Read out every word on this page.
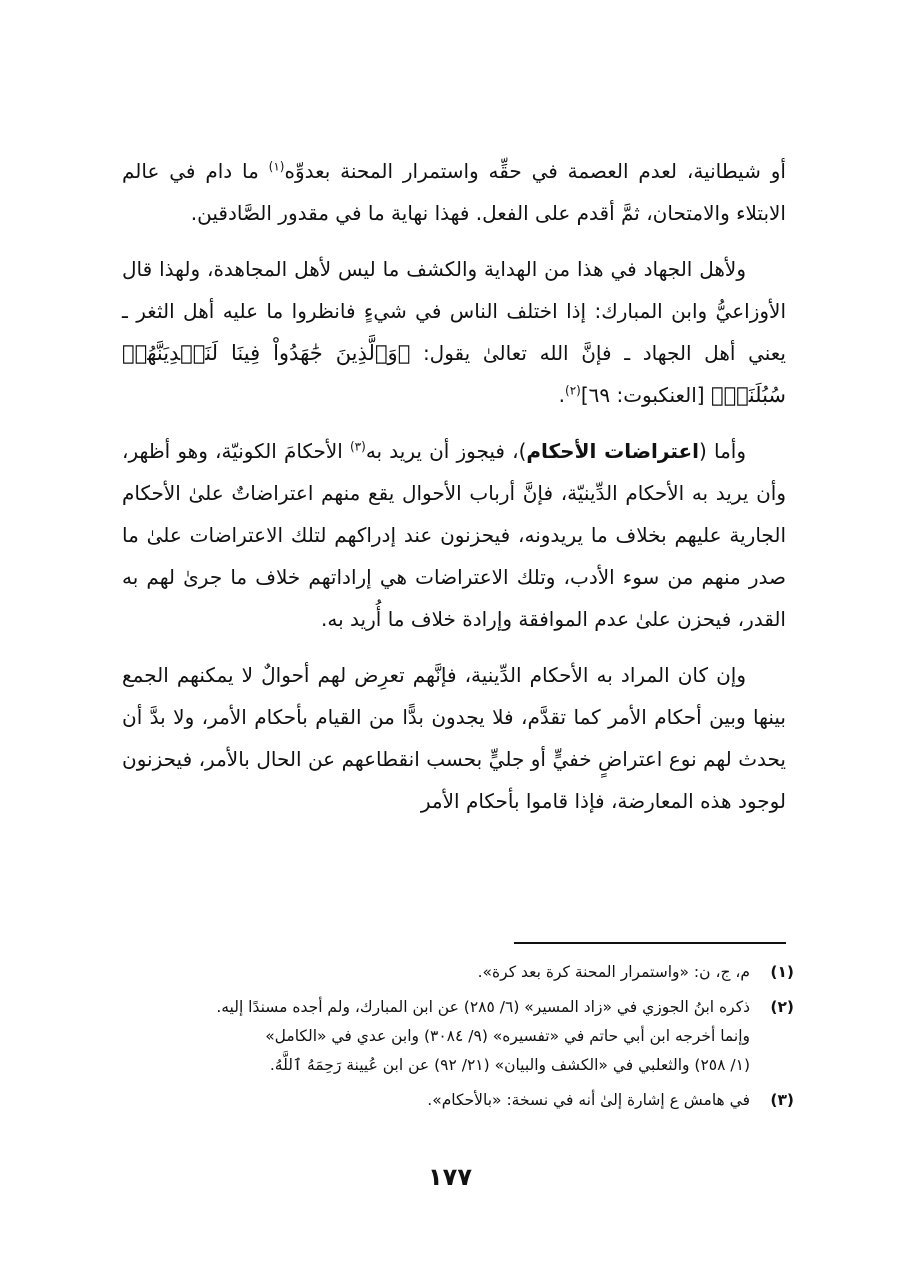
أو شيطانية، لعدم العصمة في حقِّه واستمرار المحنة بعدوِّه$^{(١)}$ ما دام في عالم الابتلاء والامتحان، ثمَّ أقدم على الفعل. فهذا نهاية ما في مقدور الصَّادقين.

ولأهل الجهاد في هذا من الهداية والكشف ما ليس لأهل المجاهدة، ولهذا قال الأوزاعيُّ وابن المبارك: إذا اختلف الناس في شيءٍ فانظروا ما عليه أهل الثغر ـ يعني أهل الجهاد ـ فإنَّ الله تعالىٰ يقول: ﴿وَٱلَّذِينَ جَٰهَدُواْ فِينَا لَنَهۡدِيَنَّهُمۡ سُبُلَنَاۚ﴾ [العنكبوت: ٦٩]$^{(٢)}$.

وأما (اعتراضات الأحكام)، فيجوز أن يريد به$^{(٣)}$ الأحكامَ الكونيّة، وهو أظهر، وأن يريد به الأحكام الدِّينيّة، فإنَّ أرباب الأحوال يقع منهم اعتراضاتٌ علىٰ الأحكام الجارية عليهم بخلاف ما يريدونه، فيحزنون عند إدراكهم لتلك الاعتراضات علىٰ ما صدر منهم من سوء الأدب، وتلك الاعتراضات هي إراداتهم خلاف ما جرىٰ لهم به القدر، فيحزن علىٰ عدم الموافقة وإرادة خلاف ما أُريد به.

وإن كان المراد به الأحكام الدِّينية، فإنَّهم تعرِض لهم أحوالٌ لا يمكنهم الجمع بينها وبين أحكام الأمر كما تقدَّم، فلا يجدون بدًّا من القيام بأحكام الأمر، ولا بدَّ أن يحدث لهم نوع اعتراضٍ خفيٍّ أو جليٍّ بحسب انقطاعهم عن الحال بالأمر، فيحزنون لوجود هذه المعارضة، فإذا قاموا بأحكام الأمر

(١)
م، ج، ن: «واستمرار المحنة كرة بعد كرة».
(٢)
ذكره ابنُ الجوزي في «زاد المسير» (٦/ ٢٨٥) عن ابن المبارك، ولم أجده مسندًا إليه.
وإنما أخرجه ابن أبي حاتم في «تفسيره» (٩/ ٣٠٨٤) وابن عدي في «الكامل»
(١/ ٢٥٨) والثعلبي في «الكشف والبيان» (٢١/ ٩٢) عن ابن عُيينة رَحِمَهُ ٱللَّهُ.
(٣)
في هامش ع إشارة إلىٰ أنه في نسخة: «بالأحكام».
١٧٧
